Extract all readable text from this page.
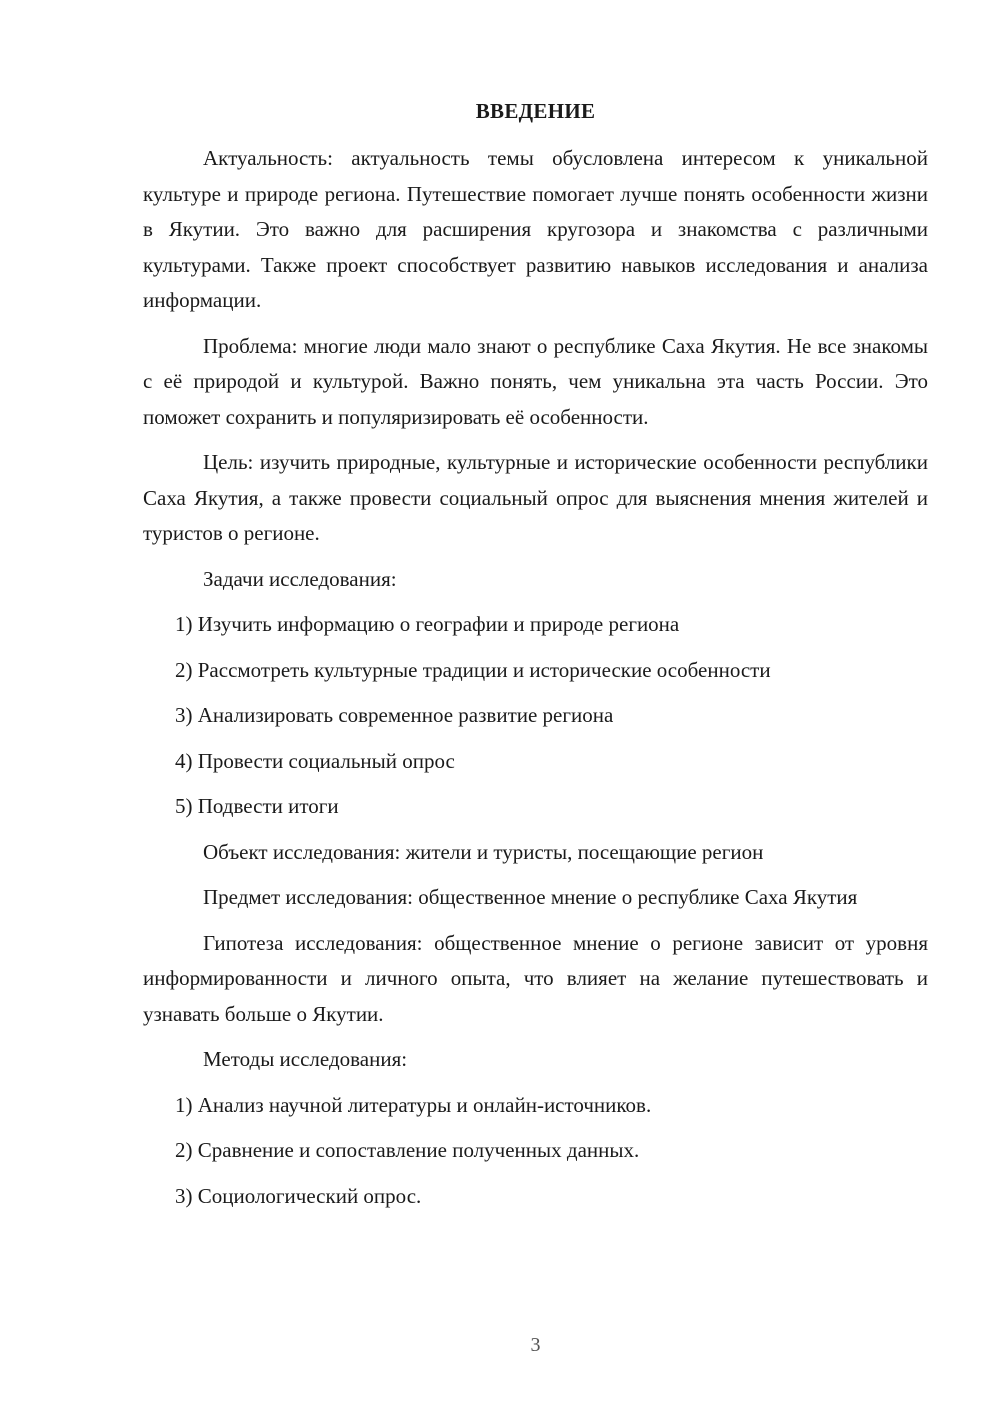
ВВЕДЕНИЕ

Актуальность: актуальность темы обусловлена интересом к уникальной культуре и природе региона. Путешествие помогает лучше понять особенности жизни в Якутии. Это важно для расширения кругозора и знакомства с различными культурами. Также проект способствует развитию навыков исследования и анализа информации.

Проблема: многие люди мало знают о республике Саха Якутия. Не все знакомы с её природой и культурой. Важно понять, чем уникальна эта часть России. Это поможет сохранить и популяризировать её особенности.

Цель: изучить природные, культурные и исторические особенности республики Саха Якутия, а также провести социальный опрос для выяснения мнения жителей и туристов о регионе.

Задачи исследования:

1) Изучить информацию о географии и природе региона
2) Рассмотреть культурные традиции и исторические особенности
3) Анализировать современное развитие региона
4) Провести социальный опрос
5) Подвести итоги

Объект исследования: жители и туристы, посещающие регион

Предмет исследования: общественное мнение о республике Саха Якутия

Гипотеза исследования: общественное мнение о регионе зависит от уровня информированности и личного опыта, что влияет на желание путешествовать и узнавать больше о Якутии.

Методы исследования:

1) Анализ научной литературы и онлайн-источников.
2) Сравнение и сопоставление полученных данных.
3) Социологический опрос.
3
